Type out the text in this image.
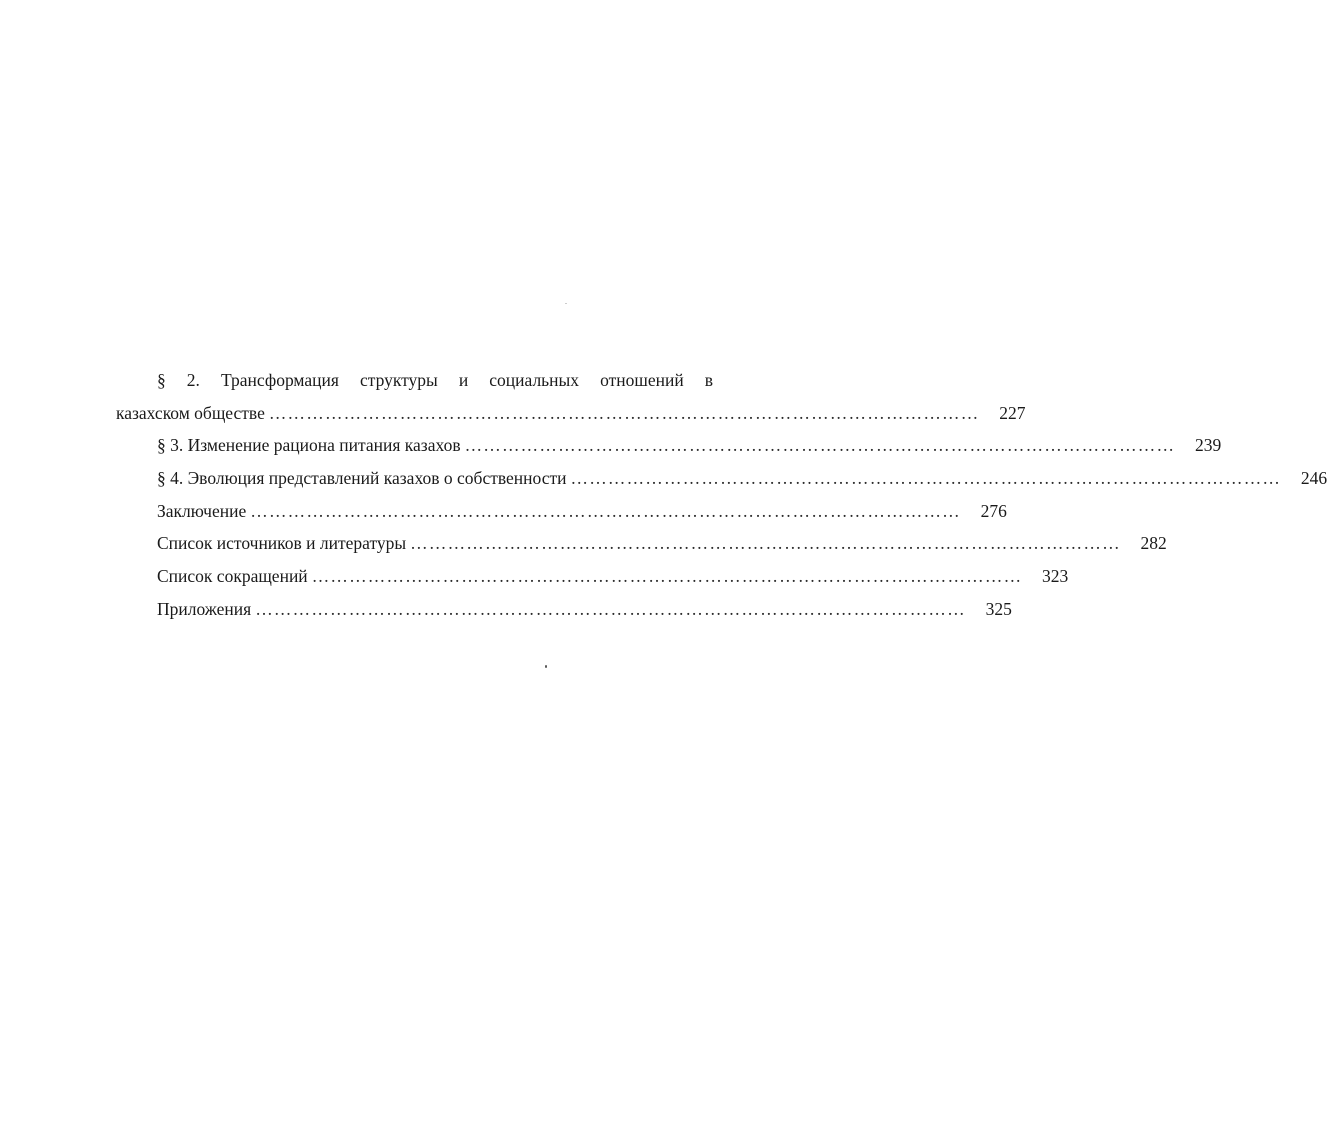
§ 2. Трансформация структуры и социальных отношений в
казахском обществе ……………………………………………………………………………………………………	227
§ 3. Изменение рациона питания казахов ……………………………………………………………………………………………………	239
§ 4. Эволюция представлений казахов о собственности ……………………………………………………………………………………………………	246
Заключение ……………………………………………………………………………………………………	276
Список источников и литературы ……………………………………………………………………………………………………	282
Список сокращений ……………………………………………………………………………………………………	323
Приложения ……………………………………………………………………………………………………	325
